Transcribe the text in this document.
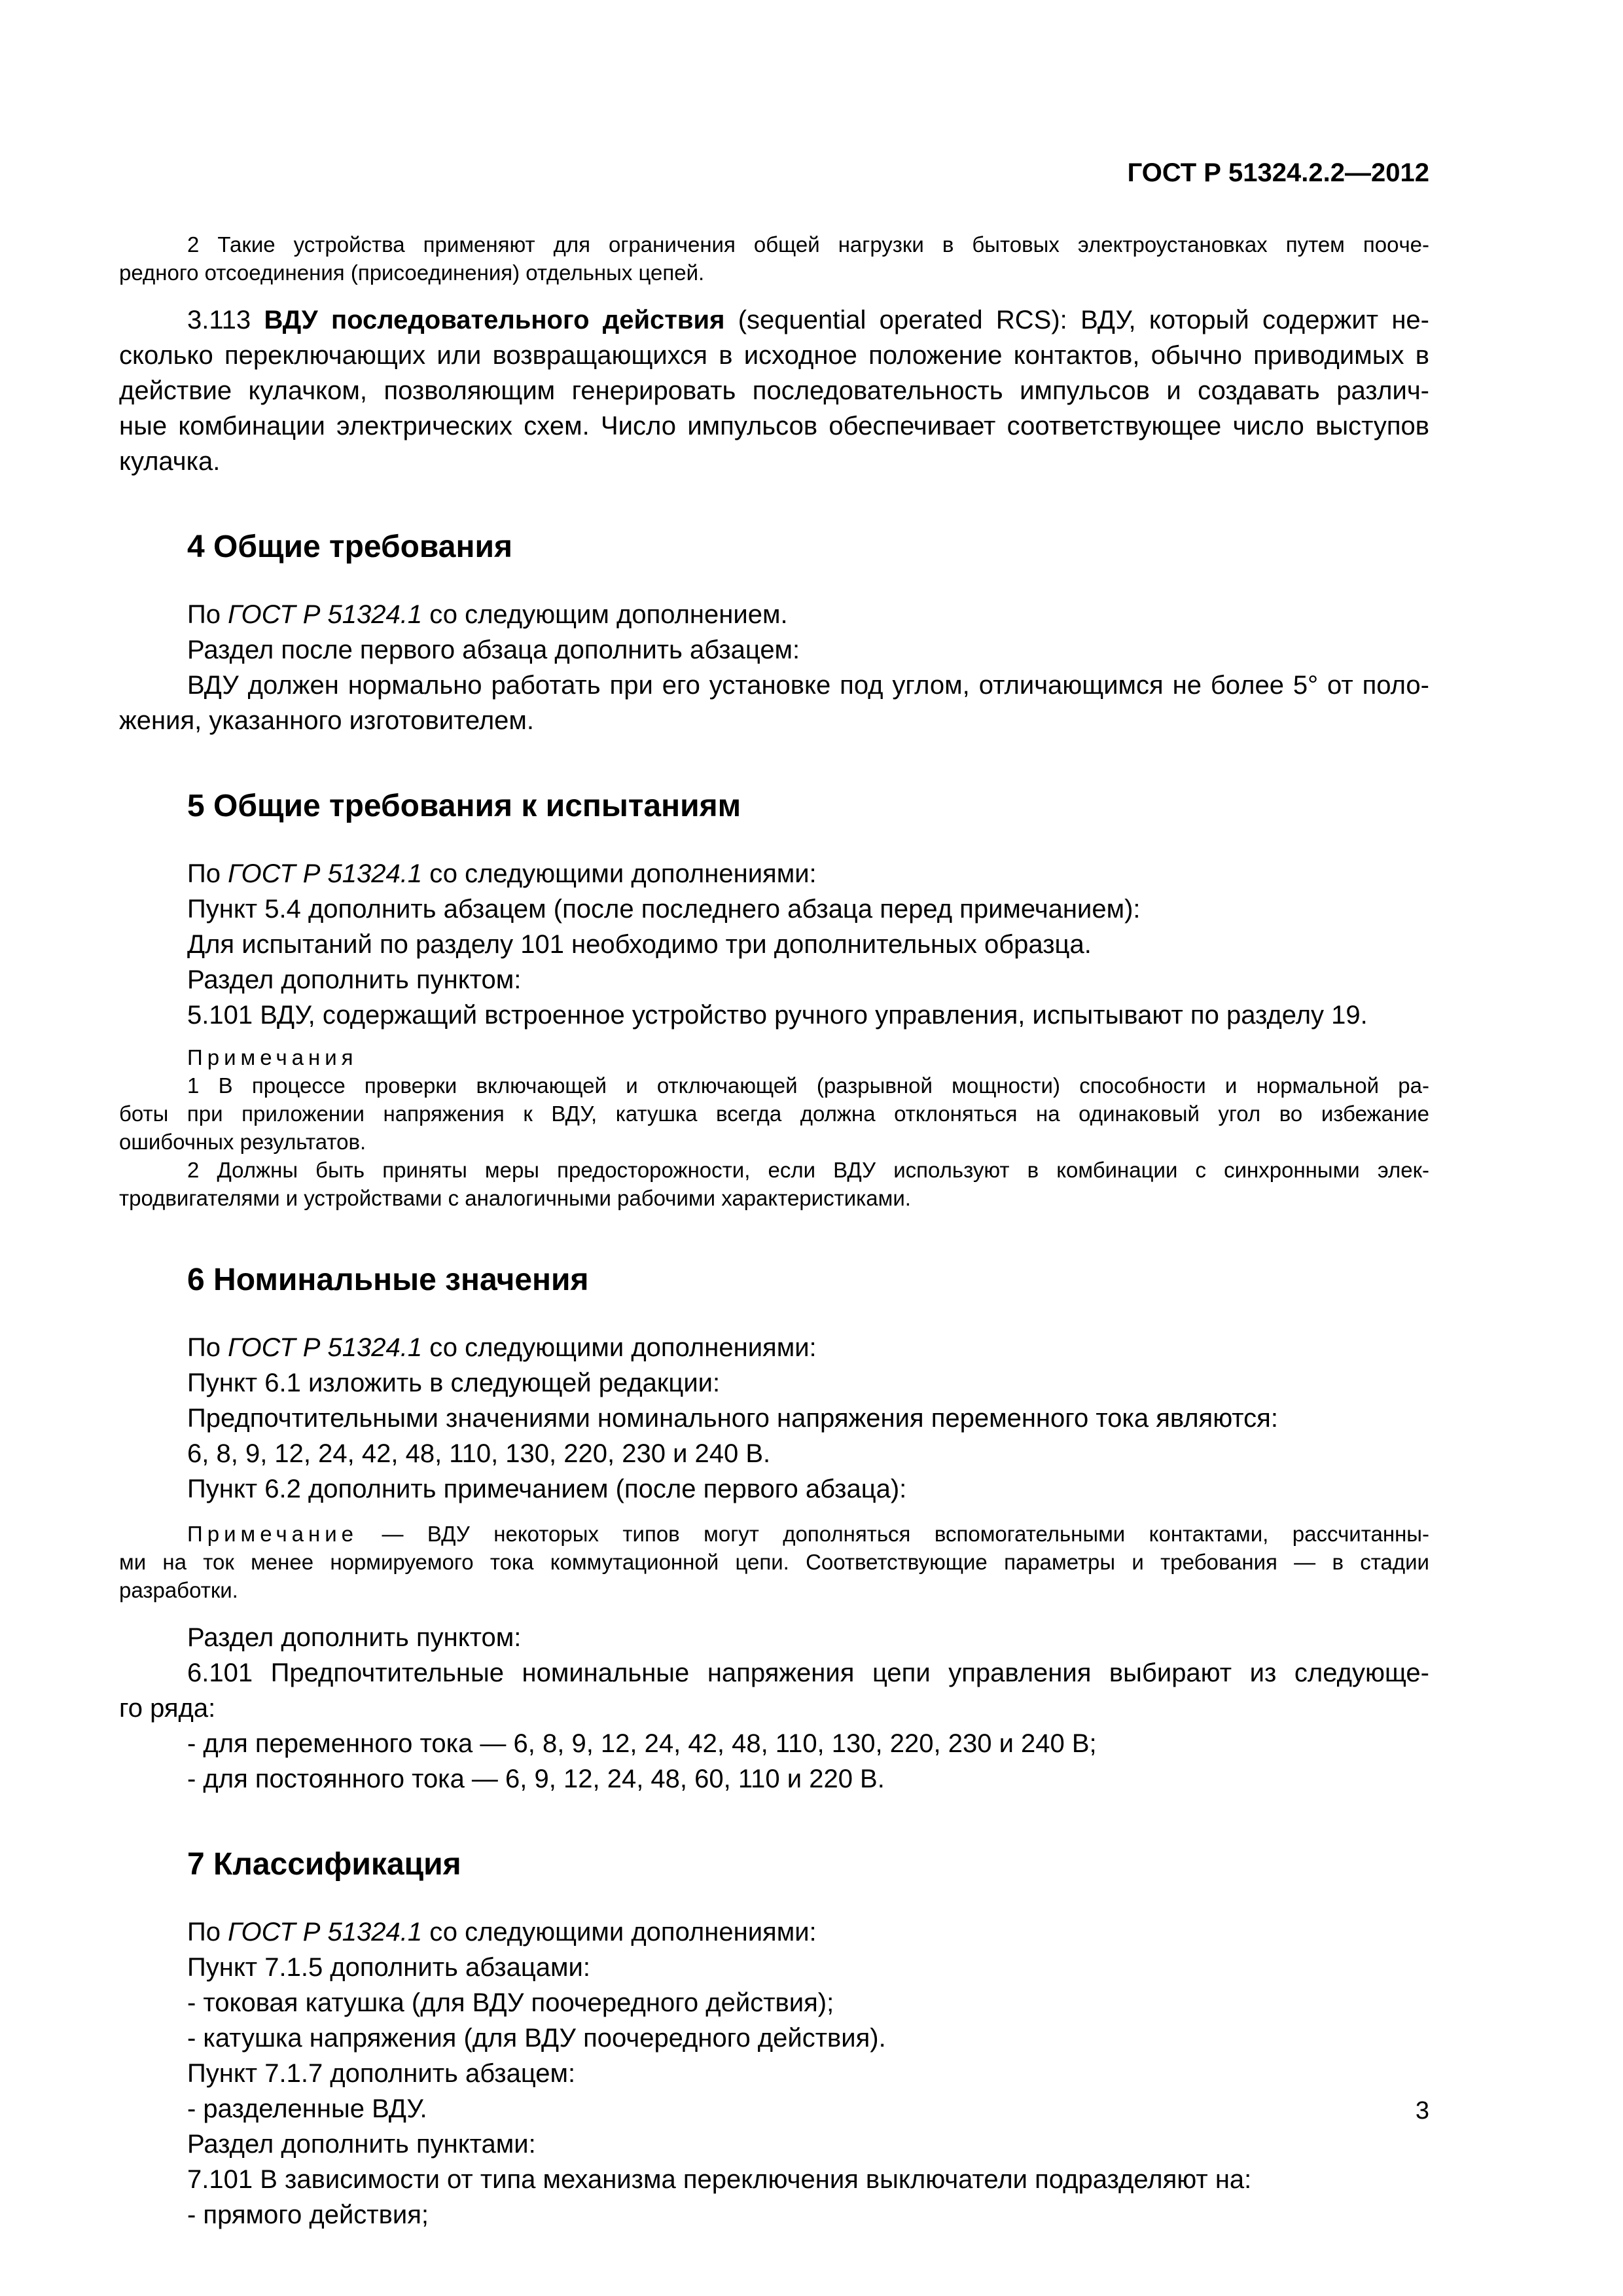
ГОСТ Р 51324.2.2—2012

2 Такие устройства применяют для ограничения общей нагрузки в бытовых электроустановках путем поoче-

редного отсоединения (присоединения) отдельных цепей.

3.113 ВДУ последовательного действия (sequential operated RCS): ВДУ, который содержит не-

сколько переключающих или возвращающихся в исходное положение контактов, обычно приводимых в

действие кулачком, позволяющим генерировать последовательность импульсов и создавать различ-

ные комбинации электрических схем. Число импульсов обеспечивает соответствующее число выступов

кулачка.

4 Общие требования

По ГОСТ Р 51324.1 со следующим дополнением.

Раздел после первого абзаца дополнить абзацем:

ВДУ должен нормально работать при его установке под углом, отличающимся не более 5° от поло-

жения, указанного изготовителем.

5 Общие требования к испытаниям

По ГОСТ Р 51324.1 со следующими дополнениями:

Пункт 5.4 дополнить абзацем (после последнего абзаца перед примечанием):

Для испытаний по разделу 101 необходимо три дополнительных образца.

Раздел дополнить пунктом:

5.101 ВДУ, содержащий встроенное устройство ручного управления, испытывают по разделу 19.

Примечания

1 В процессе проверки включающей и отключающей (разрывной мощности) способности и нормальной ра-

боты при приложении напряжения к ВДУ, катушка всегда должна отклоняться на одинаковый угол во избежание

ошибочных результатов.

2 Должны быть приняты меры предосторожности, если ВДУ используют в комбинации с синхронными элек-

тродвигателями и устройствами с аналогичными рабочими характеристиками.

6 Номинальные значения

По ГОСТ Р 51324.1 со следующими дополнениями:

Пункт 6.1 изложить в следующей редакции:

Предпочтительными значениями номинального напряжения переменного тока являются:

6, 8, 9, 12, 24, 42, 48, 110, 130, 220, 230 и 240 В.

Пункт 6.2 дополнить примечанием (после первого абзаца):

Примечание — ВДУ некоторых типов могут дополняться вспомогательными контактами, рассчитанны-

ми на ток менее нормируемого тока коммутационной цепи. Соответствующие параметры и требования — в стадии

разработки.

Раздел дополнить пунктом:

6.101 Предпочтительные номинальные напряжения цепи управления выбирают из следующе-

го ряда:

- для переменного тока — 6, 8, 9, 12, 24, 42, 48, 110, 130, 220, 230 и 240 В;

- для постоянного тока — 6, 9, 12, 24, 48, 60, 110 и 220 В.

7 Классификация

По ГОСТ Р 51324.1 со следующими дополнениями:

Пункт 7.1.5 дополнить абзацами:

- токовая катушка (для ВДУ поочередного действия);

- катушка напряжения (для ВДУ поочередного действия).

Пункт 7.1.7 дополнить абзацем:

- разделенные ВДУ.

Раздел дополнить пунктами:

7.101 В зависимости от типа механизма переключения выключатели подразделяют на:

- прямого действия;

3
